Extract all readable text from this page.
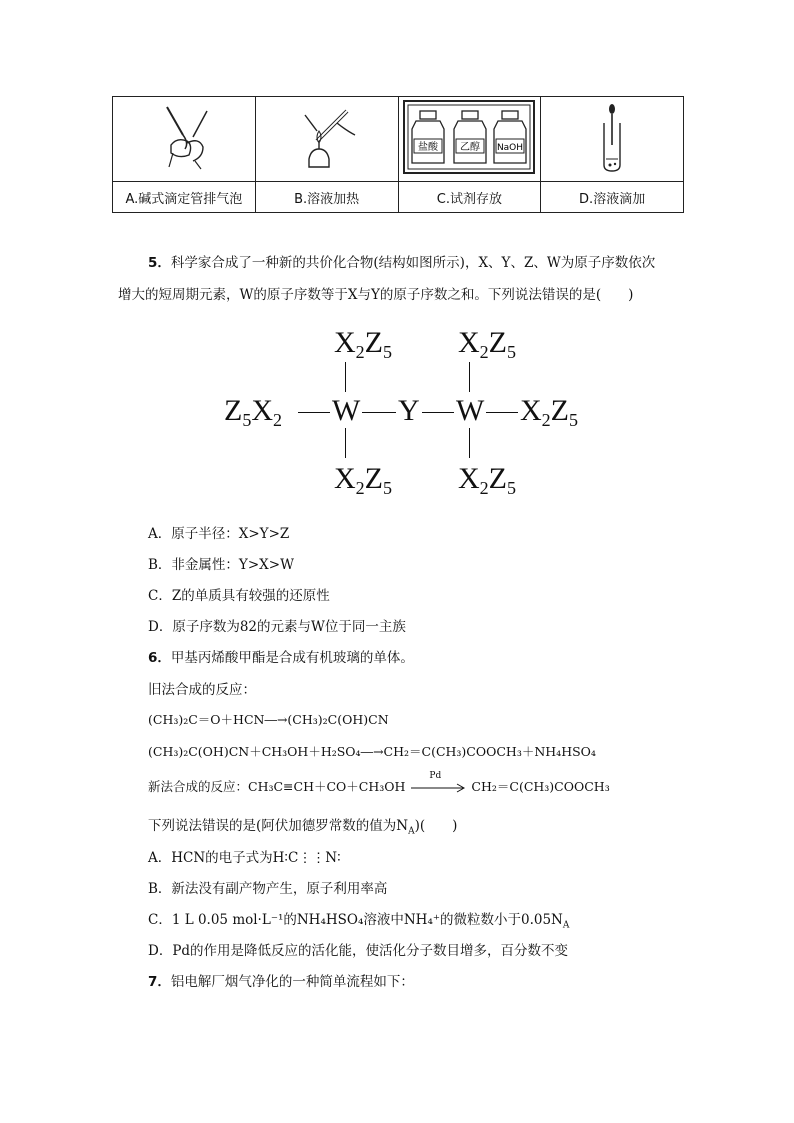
盐酸 乙醇 NaOH

A.碱式滴定管排气泡	B.溶液加热	C.试剂存放	D.溶液滴加
5．科学家合成了一种新的共价化合物(结构如图所示)，X、Y、Z、W为原子序数依次
增大的短周期元素，W的原子序数等于X与Y的原子序数之和。下列说法错误的是(　　)
$X_2Z_5$ $X_2Z_5$
$Z_5X_2$ W Y W $X_2Z_5$
$X_2Z_5$ $X_2Z_5$
A．原子半径：X>Y>Z
B．非金属性：Y>X>W
C．Z的单质具有较强的还原性
D．原子序数为82的元素与W位于同一主族
6．甲基丙烯酸甲酯是合成有机玻璃的单体。
旧法合成的反应：
(CH₃)₂C＝O＋HCN―→(CH₃)₂C(OH)CN
(CH₃)₂C(OH)CN＋CH₃OH＋H₂SO₄―→CH₂＝C(CH₃)COOCH₃＋NH₄HSO₄
新法合成的反应：CH₃C≡CH＋CO＋CH₃OH
Pd
CH₂＝C(CH₃)COOCH₃
下列说法错误的是(阿伏加德罗常数的值为$N_A$)(　　)
A．HCN的电子式为H∶C⋮⋮N∶
B．新法没有副产物产生，原子利用率高
C．1 L 0.05 mol·L⁻¹的NH₄HSO₄溶液中NH₄⁺的微粒数小于$0.05N_A$
D．Pd的作用是降低反应的活化能，使活化分子数目增多，百分数不变
7．铝电解厂烟气净化的一种简单流程如下：
